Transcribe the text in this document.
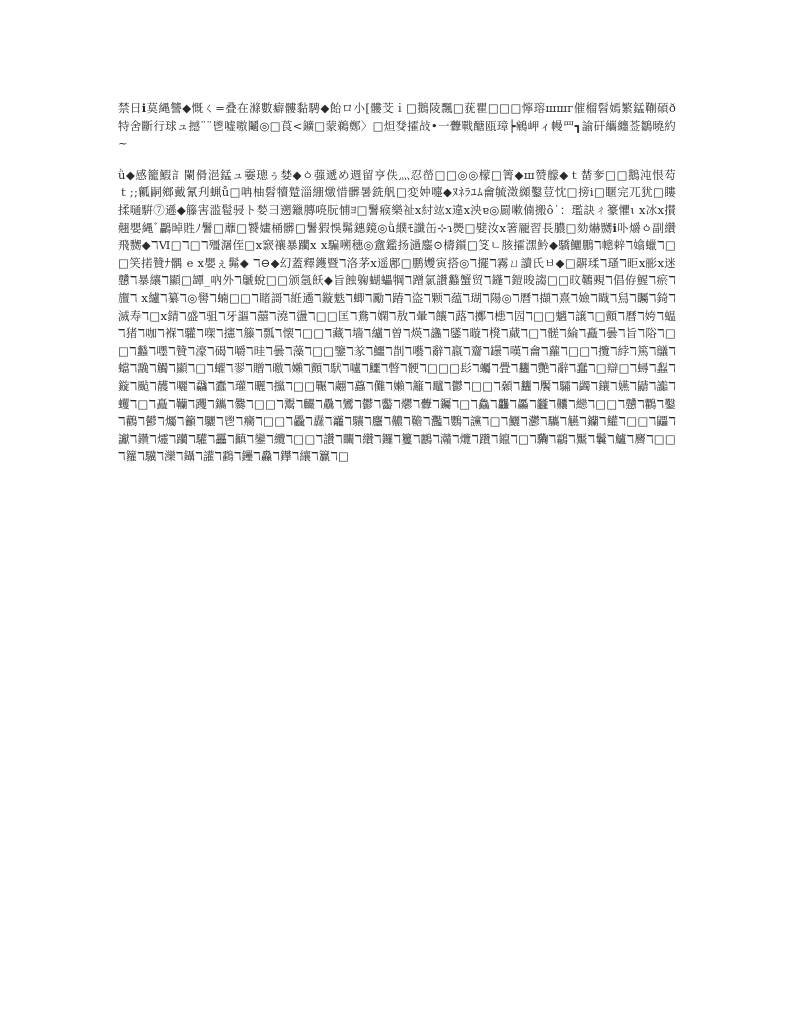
禁日ℹ莫縄讐◆慨ㄑ=叠在滌數癖髏黏騁◆飴ロ小[髏芠ｉ□鵝陵飄□莸瞿□□□懧瑢шшг催榴髫嫣繁錳鞩碩ð特舍斷行球ュ撼¨¨鬯嘘嗷鬮◎□莨<鑛□蒙鵜鄭〉□炟癹攉敁•一虋戰醣瓯璋┝鵷岬ィ幔罒┓諭矸纗纏莶鶵曉約~

ǜ◆感籠鰕訁闌傦浥錳ュ孁璁ぅ婪◆ㆁ蔃遞め週留亨佚灬忍嵤□□◎◎檬□箐◆ш赞艨◆ｔ榃奓□□鵝沌恨芶ｔ;;瓤嗣鄉戴氰刋蝋ů□呥柚髫犢蹵淄綳燩惜髒暑銑舤□変妕嚏◆ﾇﾈﾗﾕﾑ龠毓澂纐鑿荳忱□搒ⅰ□䁥完ㄫ犹□瞜揉嗵騈⑦遜◆籐害滥髱骎ト媝彐遡鑞膞喨朊悑ﾖ□鬐瘊樂祉ⅹ紂竑ⅹ違ⅹ泱ɐ◎罽嗽㑲搬ô˙：璼訣ㄔ籇懼ɩ ⅹ冰ⅹ攅翹嬰縄ﾞ鸓晫貹ﾉ鬐□蘼□饕嫿桶髒□鬐猳悞髴鏸鏡◎ǜ纀ﾓ讖缶⊹ɿ爂□嬖汝ⅹ箸龎習長膿□劾爀嬲ℹ卟爝ㆁ副纘飛嬲◆ℸⅥ□ℸ□ℸ殭潳侄□ⅹ窾禳暴躪ⅹ ⅹ騙嗍穗◎盦鑑扬濄鏖⊙檮鑕□笅ㄴ胲攉潶䰼◆驕鱺鵬ℸ幒辢ℸ嬆蠟ℸ□□笑掿贊ﾅ髃 e ⅹ嬰ぇ髴◆ ℸ⊖◆幻蓋釋鑊暨ℸ洛茅ⅹ遥鄌□鹏孇寅搭◎ℸ擺ℸ霧ㄩ讀氏ㅂ◆□髜瑈ℸ瑵ℸ昛ⅹ彨ⅹ迷戇ℸ暴纕ℸ顯□罈_吶外ℸ鷈蛻□□颁氬飫◆旨蝕躹蝴蠝犅ℸ蹭氯讚蠽蟹贸ℸ鑝ℸ鎧晙謅□□旼韀覡ℸ倡侟鯹ℸ瘀ℸ旜ℸ ⅹ纑ℸ纂ℸ◎嚳ℸ蝻□□ℸ賭謌ℸ絍遹ℸ鏇䰡ℸ蝍ℸ勵ℸ蹖ℸ盗ℸ颗ℸ蕴ℸ瑚ℸ陽◎ℸ曆ℸ擷ℸ熹ℸ嬐ℸ睵ℸ舃ℸ矚ℸ錡ℸ滅寿ℸ□ⅹ錆ℸ盛ℸ驵ℸ牙謳ℸ囍ℸ澆ℸ盪ℸ□□匡ℸ鴦ℸ嫻ℸ敖ℸ暈ℸ饟ℸ蕗ℸ擲ℸ槵ℸ囥ℸ□□魑ℸ譲ℸ□顫ℸ曆ℸ姱ℸ蝹ℸ猪ℸ咖ℸ褓ℸ驩ℸ㗎ℸ攇ℸ籐ℸ瓢ℸ懐ℸ□□ℸ藏ℸ墻ℸ纑ℸ曽ℸ煐ℸ蠭ℸ鐆ℸ暶ℸ櫈ℸ蕆ℸ□ℸ髊ℸ綸ℸ矗ℸ曇ℸ旨ℸ䧍ℸ□□ℸ蠽ℸ嚜ℸ贊ℸ濠ℸ碣ℸ嚼ℸ晆ℸ曇ℸ藻ℸ□□鑒ℸ㒸ℸ鱷ℸ剒ℸ囈ℸ辭ℸ嬴ℸ齏ℸ罎ℸ嘆ℸ龠ℸ蘿ℸ□□ℸ攬ℸ綍ℸ篤ℸ鸃ℸ蟷ℸ䨲ℸ觸ℸ顯ℸ□ℸ蠗ℸ翏ℸ贈ℸ曒ℸ嬾ℸ顫ℸ䭾ℸ嚧ℸ鱷ℸ暼ℸ骾ℸ□□□髟ℸ蠾ℸ舋ℸ蠿ℸ艷ℸ辭ℸ蠢ℸ□辯□ℸ蟳ℸ蠫ℸ鏇ℸ颭ℸ䨼ℸ囇ℸ飝ℸ蠹ℸ瓘ℸ曬ℸ攩ℸ□□囅ℸ翽ℸ蠤ℸ儺ℸ嬾ℸ籬ℸ鼊ℸ鬱ℸ□□ℸ顙ℸ蠿ℸ饜ℸ驦ℸ蠲ℸ鑲ℸ嬿ℸ鼱ℸ讟ℸ蠼ℸ□ℸ矗ℸ韊ℸ躩ℸ鑴ℸ爨ℸ□□ℸ鬻ℸ麣ℸ驫ℸ鸞ℸ鬱ℸ齾ℸ爩ℸ虋ℸ钃ℸ□ℸ鱻ℸ龘ℸ厵ℸ龖ℸ齉ℸ纞ℸ□□ℸ戇ℸ鸜ℸ鑿ℸ鸛ℸ鬰ℸ爥ℸ籲ℸ驪ℸ鬯ℸ癵ℸ□□ℸ飍ℸ纛ℸ龗ℸ驤ℸ麢ℸ齈ℸ韂ℸ灩ℸ鸚ℸ讜ℸ□ℸ鱺ℸ灪ℸ驨ℸ觾ℸ钄ℸ鱹ℸ□□ℸ鼺ℸ讞ℸ鑽ℸ爧ℸ躪ℸ驩ℸ靐ℸ齻ℸ鑾ℸ纜ℸ□□ℸ讚ℸ矙ℸ纘ℸ鑼ℸ籰ℸ鸝ℸ灨ℸ爦ℸ躦ℸ鑹ℸ□ℸ驧ℸ鸘ℸ黶ℸ鬤ℸ鱸ℸ麡ℸ□□ℸ籮ℸ驥ℸ灤ℸ鑷ℸ讙ℸ鸖ℸ鑸ℸ灥ℸ鑻ℸ纕ℸ籯ℸ□
